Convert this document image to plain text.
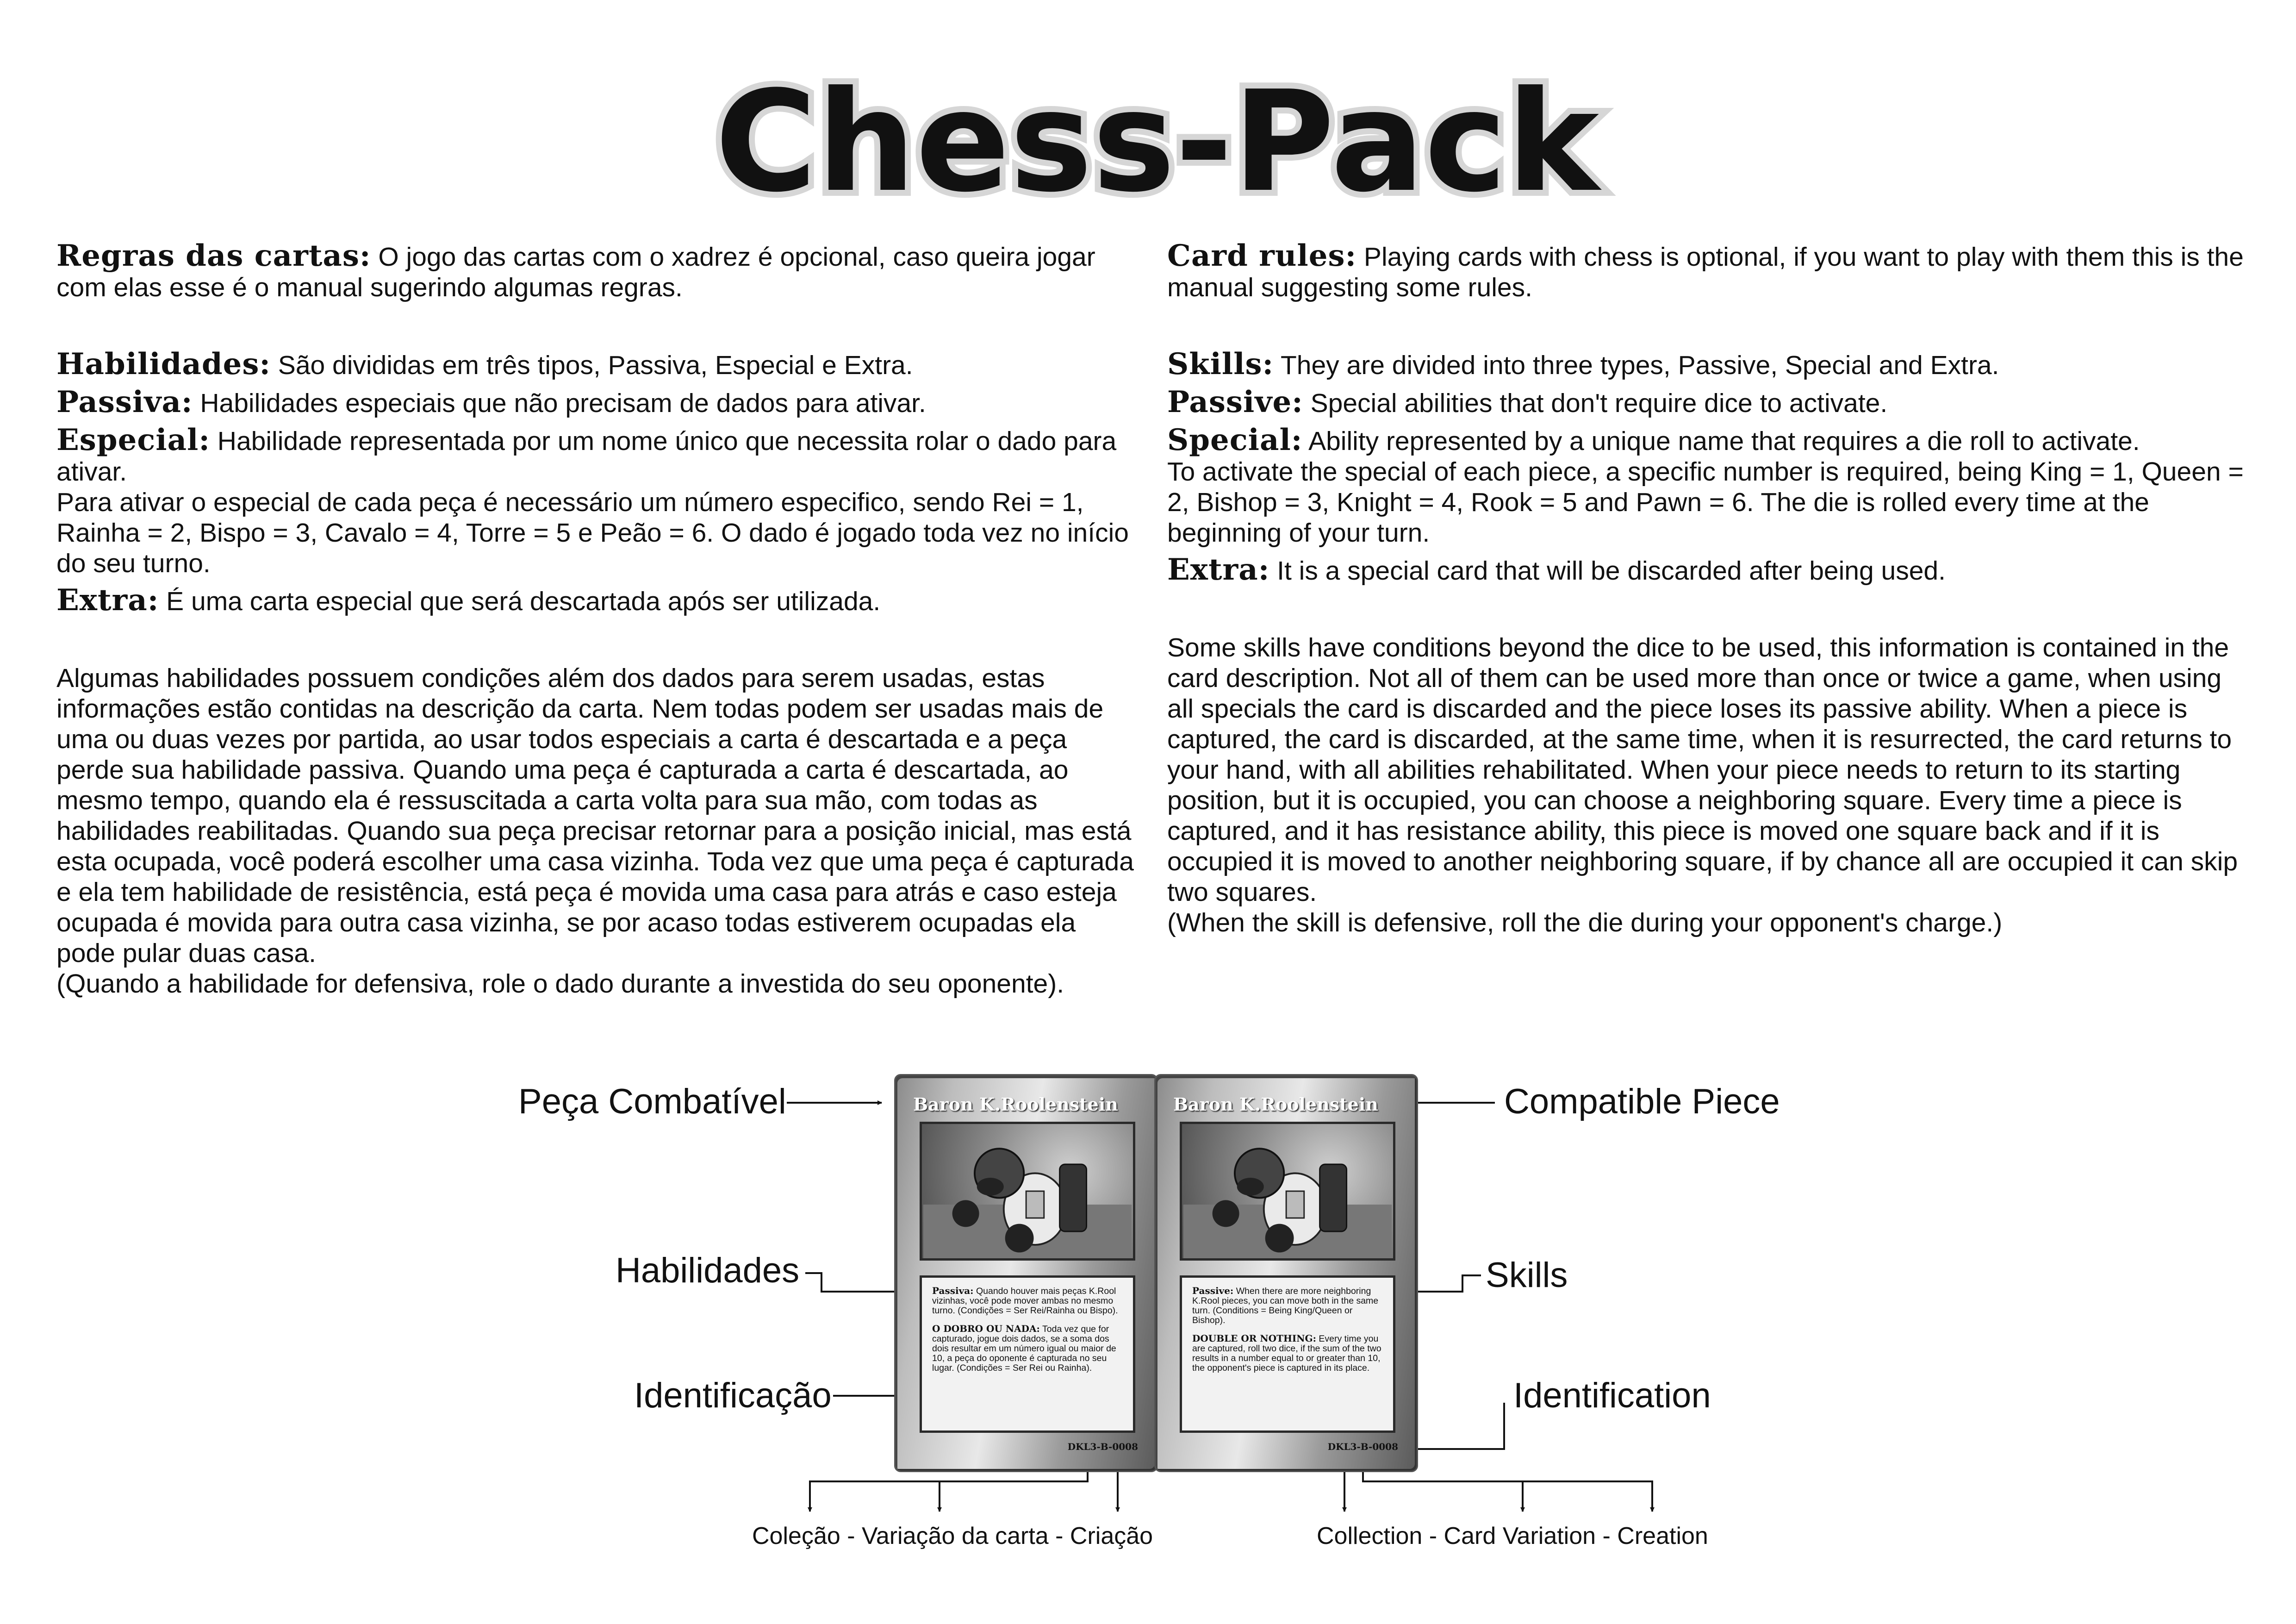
Chess-Pack

Regras das cartas: O jogo das cartas com o xadrez é opcional, caso queira jogar com elas esse é o manual sugerindo algumas regras.

Habilidades: São divididas em três tipos, Passiva, Especial e Extra.

Passiva: Habilidades especiais que não precisam de dados para ativar.

Especial: Habilidade representada por um nome único que necessita rolar o dado para ativar.

Para ativar o especial de cada peça é necessário um número especifico, sendo Rei = 1, Rainha = 2, Bispo = 3, Cavalo = 4, Torre = 5 e Peão = 6. O dado é jogado toda vez no início do seu turno.

Extra: É uma carta especial que será descartada após ser utilizada.

Algumas habilidades possuem condições além dos dados para serem usadas, estas informações estão contidas na descrição da carta. Nem todas podem ser usadas mais de uma ou duas vezes por partida, ao usar todos especiais a carta é descartada e a peça perde sua habilidade passiva. Quando uma peça é capturada a carta é descartada, ao mesmo tempo, quando ela é ressuscitada a carta volta para sua mão, com todas as habilidades reabilitadas. Quando sua peça precisar retornar para a posição inicial, mas está esta ocupada, você poderá escolher uma casa vizinha. Toda vez que uma peça é capturada e ela tem habilidade de resistência, está peça é movida uma casa para atrás e caso esteja ocupada é movida para outra casa vizinha, se por acaso todas estiverem ocupadas ela pode pular duas casa.

(Quando a habilidade for defensiva, role o dado durante a investida do seu oponente).

Card rules: Playing cards with chess is optional, if you want to play with them this is the manual suggesting some rules.

Skills: They are divided into three types, Passive, Special and Extra.

Passive: Special abilities that don't require dice to activate.

Special: Ability represented by a unique name that requires a die roll to activate.

To activate the special of each piece, a specific number is required, being King = 1, Queen = 2, Bishop = 3, Knight = 4, Rook = 5 and Pawn = 6. The die is rolled every time at the beginning of your turn.

Extra: It is a special card that will be discarded after being used.

Some skills have conditions beyond the dice to be used, this information is contained in the card description. Not all of them can be used more than once or twice a game, when using all specials the card is discarded and the piece loses its passive ability. When a piece is captured, the card is discarded, at the same time, when it is resurrected, the card returns to your hand, with all abilities rehabilitated. When your piece needs to return to its starting position, but it is occupied, you can choose a neighboring square. Every time a piece is captured, and it has resistance ability, this piece is moved one square back and if it is occupied it is moved to another neighboring square, if by chance all are occupied it can skip two squares.

(When the skill is defensive, roll the die during your opponent's charge.)

Peça Combatível
Habilidades
Identificação
Coleção - Variação da carta - Criação
Compatible Piece
Skills
Identification
Collection - Card Variation - Creation
Baron K.Roolenstein

Passiva: Quando houver mais peças K.Rool vizinhas, você pode mover ambas no mesmo turno. (Condições = Ser Rei/Rainha ou Bispo).

O DOBRO OU NADA: Toda vez que for capturado, jogue dois dados, se a soma dos dois resultar em um número igual ou maior de 10, a peça do oponente é capturada no seu lugar. (Condições = Ser Rei ou Rainha).

DKL3-B-0008
Baron K.Roolenstein

Passive: When there are more neighboring K.Rool pieces, you can move both in the same turn. (Conditions = Being King/Queen or Bishop).

DOUBLE OR NOTHING: Every time you are captured, roll two dice, if the sum of the two results in a number equal to or greater than 10, the opponent's piece is captured in its place.

DKL3-B-0008
